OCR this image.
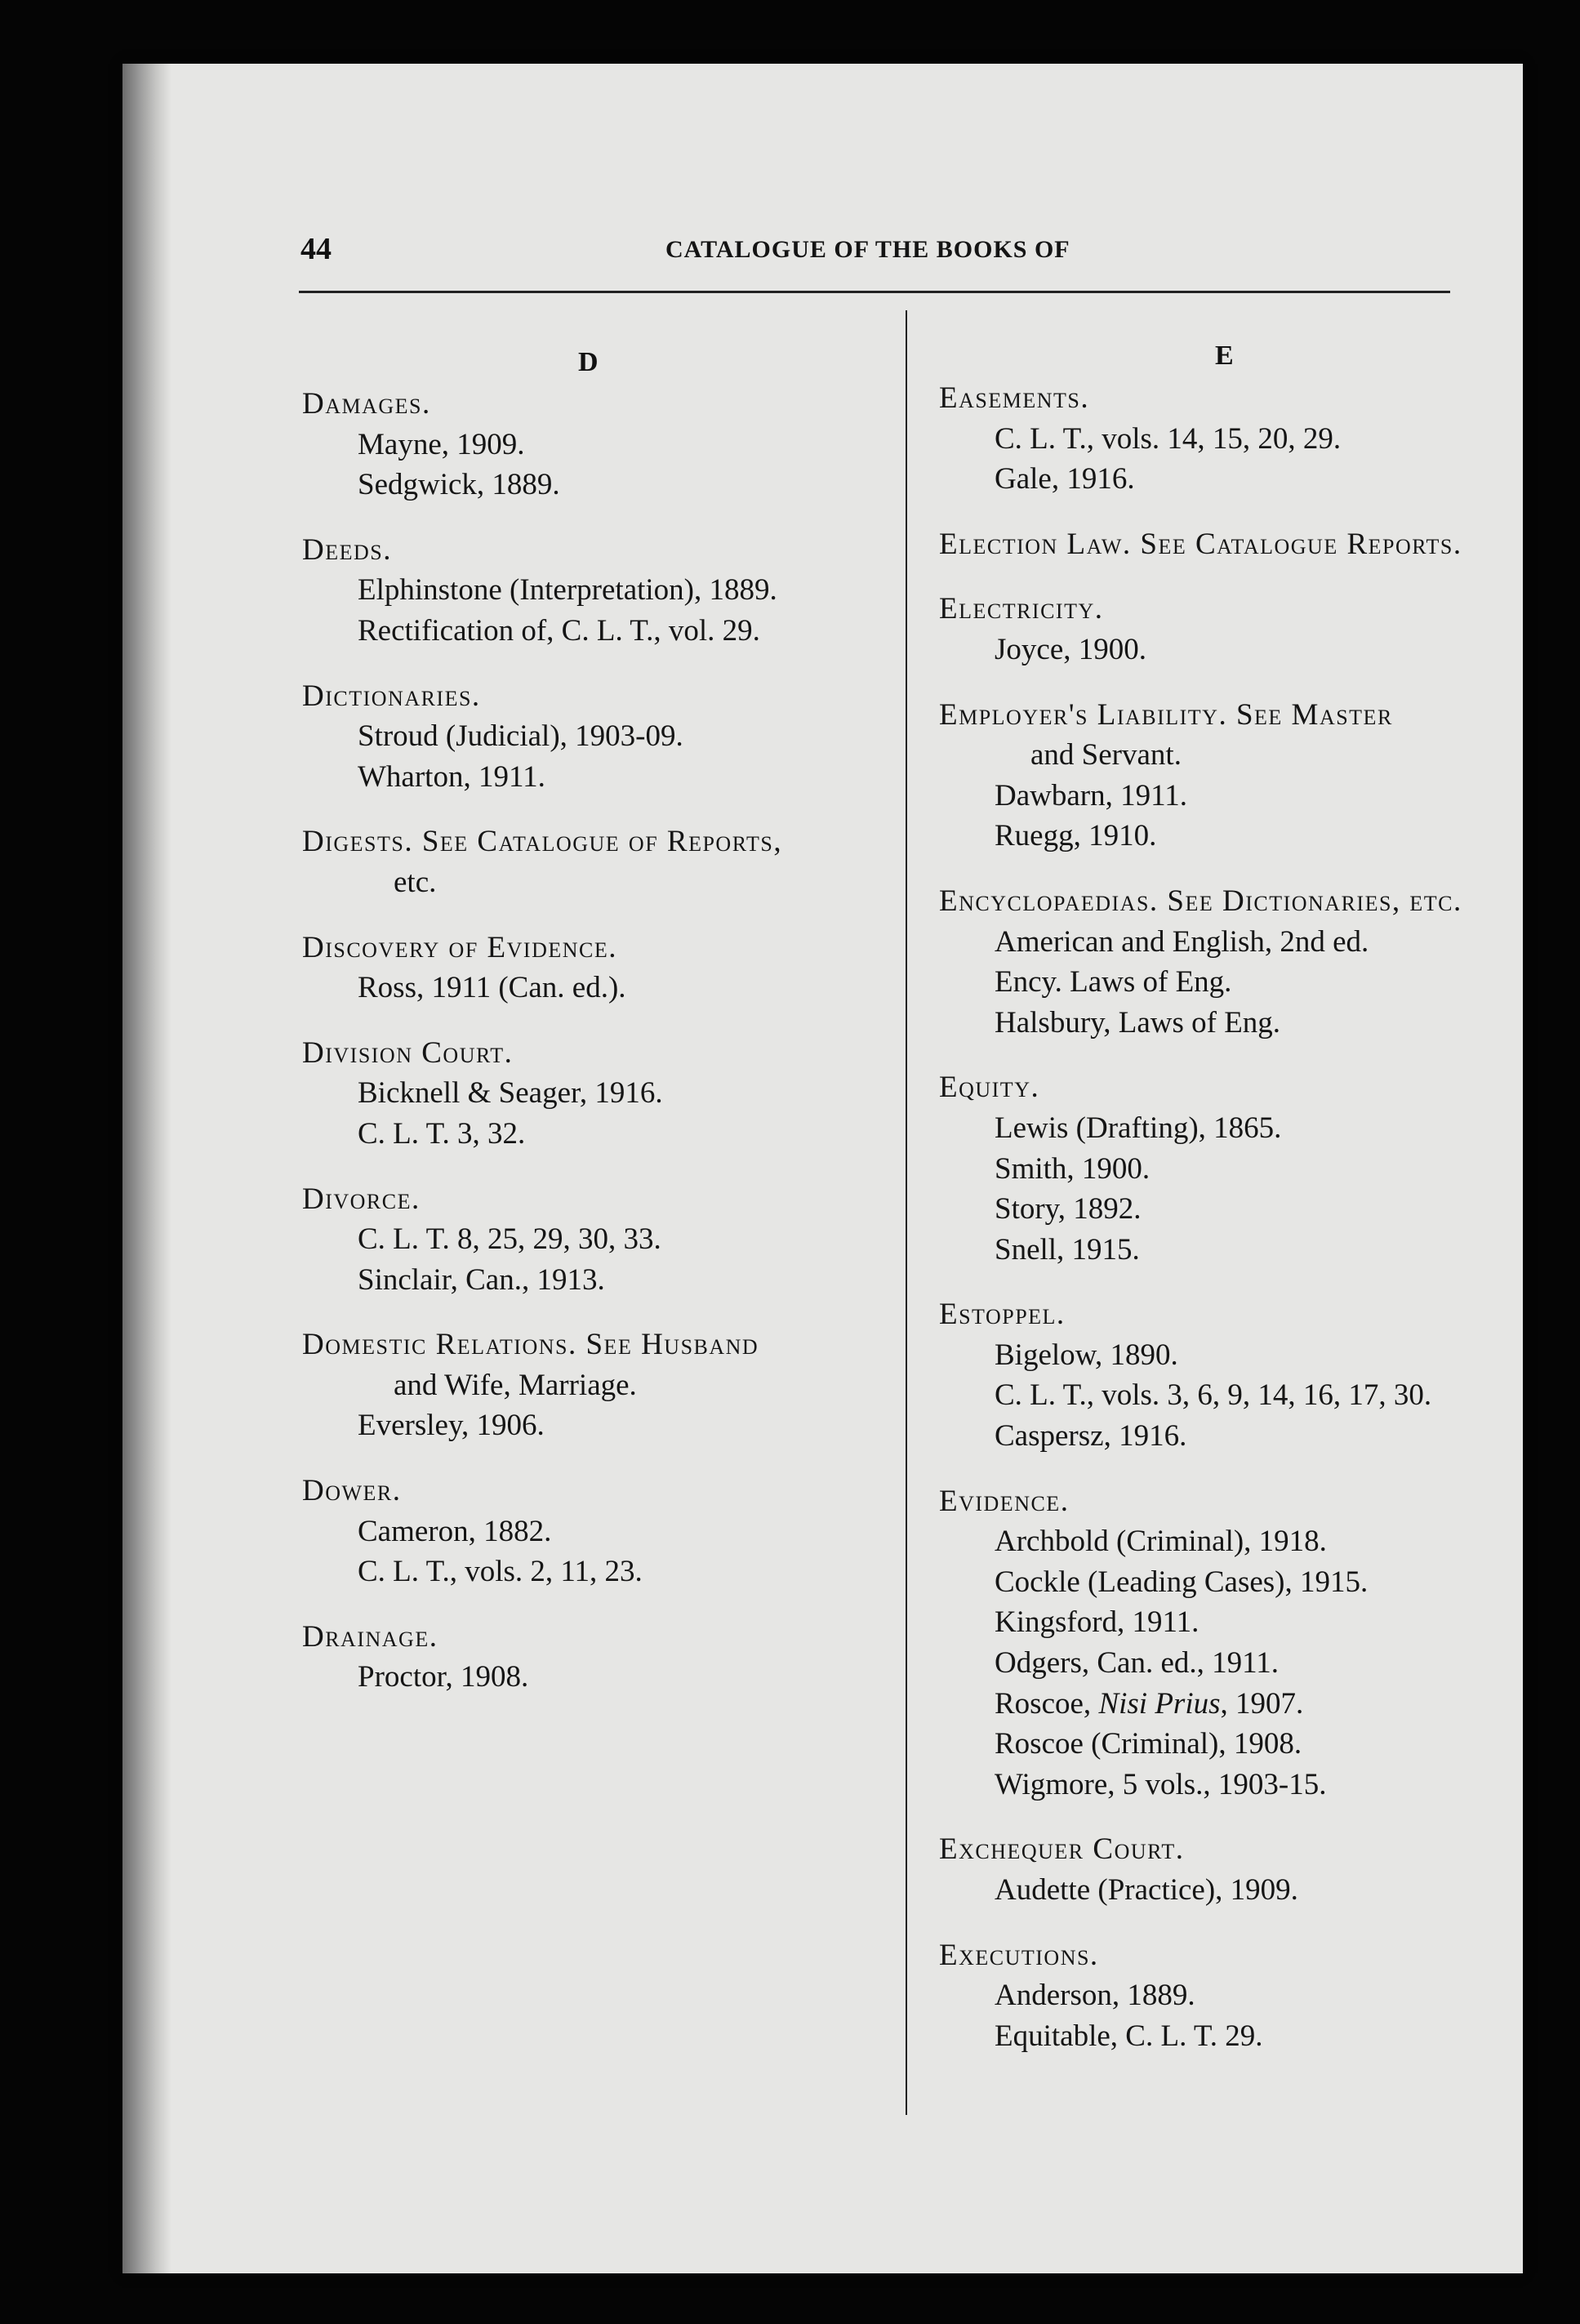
44	CATALOGUE OF THE BOOKS OF
D	E
Damages.
Mayne, 1909.
Sedgwick, 1889.
Deeds.
Elphinstone (Interpretation), 1889.
Rectification of, C. L. T., vol. 29.
Dictionaries.
Stroud (Judicial), 1903-09.
Wharton, 1911.
Digests. See Catalogue of Reports,
etc.
Discovery of Evidence.
Ross, 1911 (Can. ed.).
Division Court.
Bicknell & Seager, 1916.
C. L. T. 3, 32.
Divorce.
C. L. T. 8, 25, 29, 30, 33.
Sinclair, Can., 1913.
Domestic Relations. See Husband
and Wife, Marriage.
Eversley, 1906.
Dower.
Cameron, 1882.
C. L. T., vols. 2, 11, 23.
Drainage.
Proctor, 1908.
Easements.
C. L. T., vols. 14, 15, 20, 29.
Gale, 1916.
Election Law. See Catalogue Reports.
Electricity.
Joyce, 1900.
Employer's Liability. See Master
and Servant.
Dawbarn, 1911.
Ruegg, 1910.
Encyclopaedias. See Dictionaries, etc.
American and English, 2nd ed.
Ency. Laws of Eng.
Halsbury, Laws of Eng.
Equity.
Lewis (Drafting), 1865.
Smith, 1900.
Story, 1892.
Snell, 1915.
Estoppel.
Bigelow, 1890.
C. L. T., vols. 3, 6, 9, 14, 16, 17, 30.
Caspersz, 1916.
Evidence.
Archbold (Criminal), 1918.
Cockle (Leading Cases), 1915.
Kingsford, 1911.
Odgers, Can. ed., 1911.
Roscoe, Nisi Prius, 1907.
Roscoe (Criminal), 1908.
Wigmore, 5 vols., 1903-15.
Exchequer Court.
Audette (Practice), 1909.
Executions.
Anderson, 1889.
Equitable, C. L. T. 29.
